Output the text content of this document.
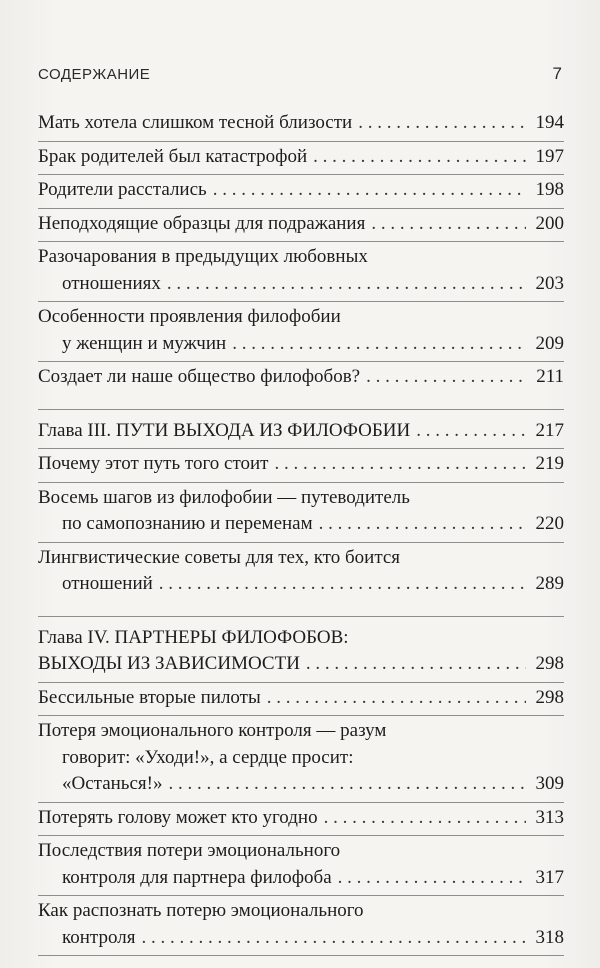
СОДЕРЖАНИЕ	7
Мать хотела слишком тесной близости . . .	194
Брак родителей был катастрофой . . .	197
Родители расстались . . .	198
Неподходящие образцы для подражания . . .	200
Разочарования в предыдущих любовных
отношениях . . .	203
Особенности проявления филофобии
у женщин и мужчин . . .	209
Создает ли наше общество филофобов? . . .	211
Глава III. ПУТИ ВЫХОДА ИЗ ФИЛОФОБИИ . . .	217
Почему этот путь того стоит . . .	219
Восемь шагов из филофобии — путеводитель
по самопознанию и переменам . . .	220
Лингвистические советы для тех, кто боится
отношений . . .	289
Глава IV. ПАРТНЕРЫ ФИЛОФОБОВ:
ВЫХОДЫ ИЗ ЗАВИСИМОСТИ . . .	298
Бессильные вторые пилоты . . .	298
Потеря эмоционального контроля — разум
говорит: «Уходи!», а сердце просит:
«Останься!» . . .	309
Потерять голову может кто угодно . . .	313
Последствия потери эмоционального
контроля для партнера филофоба . . .	317
Как распознать потерю эмоционального
контроля . . .	318
